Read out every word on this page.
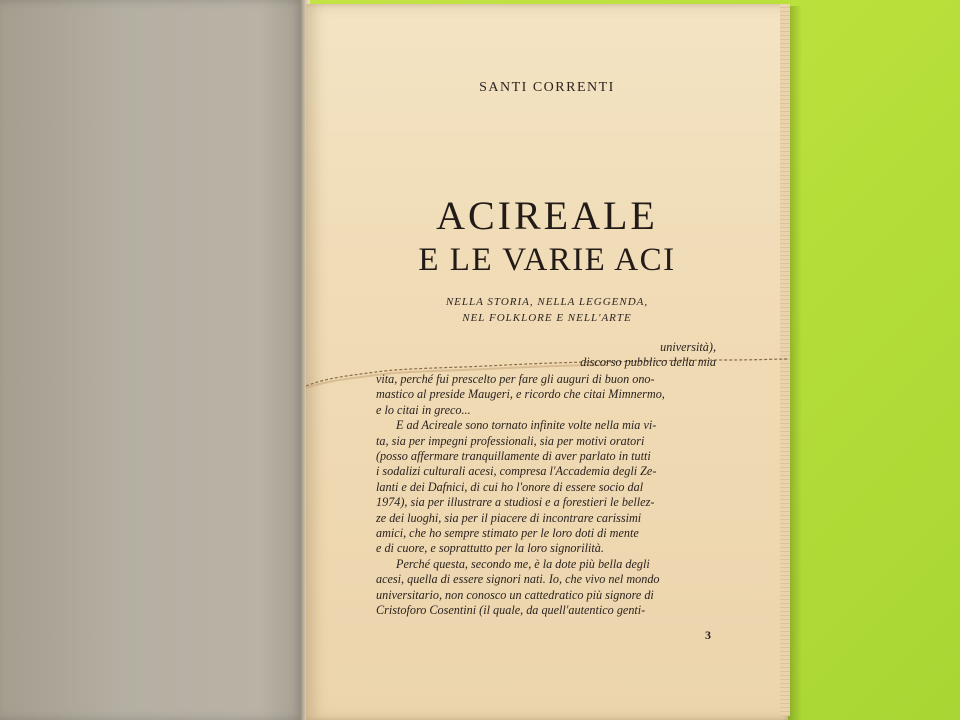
SANTI CORRENTI
ACIREALE
E LE VARIE ACI
NELLA STORIA, NELLA LEGGENDA,
NEL FOLKLORE E NELL'ARTE
università),
discorso pubblico della mia
vita, perché fui prescelto per fare gli auguri di buon ono-
mastico al preside Maugeri, e ricordo che citai Mimnermo,
e lo citai in greco...
E ad Acireale sono tornato infinite volte nella mia vi-
ta, sia per impegni professionali, sia per motivi oratori
(posso affermare tranquillamente di aver parlato in tutti
i sodalizi culturali acesi, compresa l'Accademia degli Ze-
lanti e dei Dafnici, di cui ho l'onore di essere socio dal
1974), sia per illustrare a studiosi e a forestieri le bellez-
ze dei luoghi, sia per il piacere di incontrare carissimi
amici, che ho sempre stimato per le loro doti di mente
e di cuore, e soprattutto per la loro signorilità.
Perché questa, secondo me, è la dote più bella degli
acesi, quella di essere signori nati. Io, che vivo nel mondo
universitario, non conosco un cattedratico più signore di
Cristoforo Cosentini (il quale, da quell'autentico genti-
3
